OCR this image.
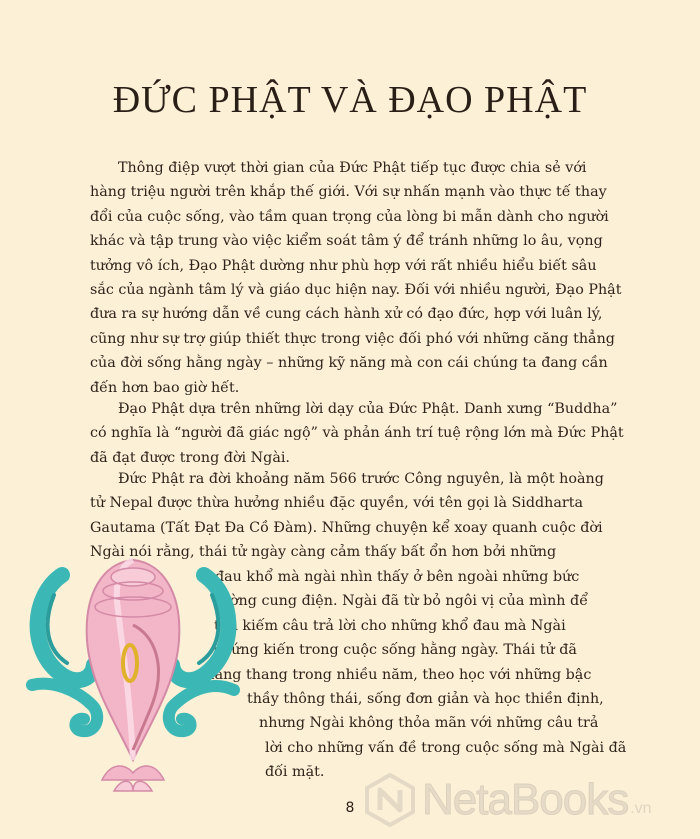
ĐỨC PHẬT VÀ ĐẠO PHẬT
Thông điệp vượt thời gian của Đức Phật tiếp tục được chia sẻ với
hàng triệu người trên khắp thế giới. Với sự nhấn mạnh vào thực tế thay
đổi của cuộc sống, vào tầm quan trọng của lòng bi mẫn dành cho người
khác và tập trung vào việc kiểm soát tâm ý để tránh những lo âu, vọng
tưởng vô ích, Đạo Phật dường như phù hợp với rất nhiều hiểu biết sâu
sắc của ngành tâm lý và giáo dục hiện nay. Đối với nhiều người, Đạo Phật
đưa ra sự hướng dẫn về cung cách hành xử có đạo đức, hợp với luân lý,
cũng như sự trợ giúp thiết thực trong việc đối phó với những căng thẳng
của đời sống hằng ngày – những kỹ năng mà con cái chúng ta đang cần
đến hơn bao giờ hết.
Đạo Phật dựa trên những lời dạy của Đức Phật. Danh xưng “Buddha”
có nghĩa là “người đã giác ngộ” và phản ánh trí tuệ rộng lớn mà Đức Phật
đã đạt được trong đời Ngài.
Đức Phật ra đời khoảng năm 566 trước Công nguyên, là một hoàng
tử Nepal được thừa hưởng nhiều đặc quyền, với tên gọi là Siddharta
Gautama (Tất Đạt Đa Cồ Đàm). Những chuyện kể xoay quanh cuộc đời
Ngài nói rằng, thái tử ngày càng cảm thấy bất ổn hơn bởi những
đau khổ mà ngài nhìn thấy ở bên ngoài những bức
tường cung điện. Ngài đã từ bỏ ngôi vị của mình để
tìm kiếm câu trả lời cho những khổ đau mà Ngài
chứng kiến trong cuộc sống hằng ngày. Thái tử đã
lang thang trong nhiều năm, theo học với những bậc
thầy thông thái, sống đơn giản và học thiền định,
nhưng Ngài không thỏa mãn với những câu trả
lời cho những vấn đề trong cuộc sống mà Ngài đã
đối mặt.
8	NetaBooks .vn
